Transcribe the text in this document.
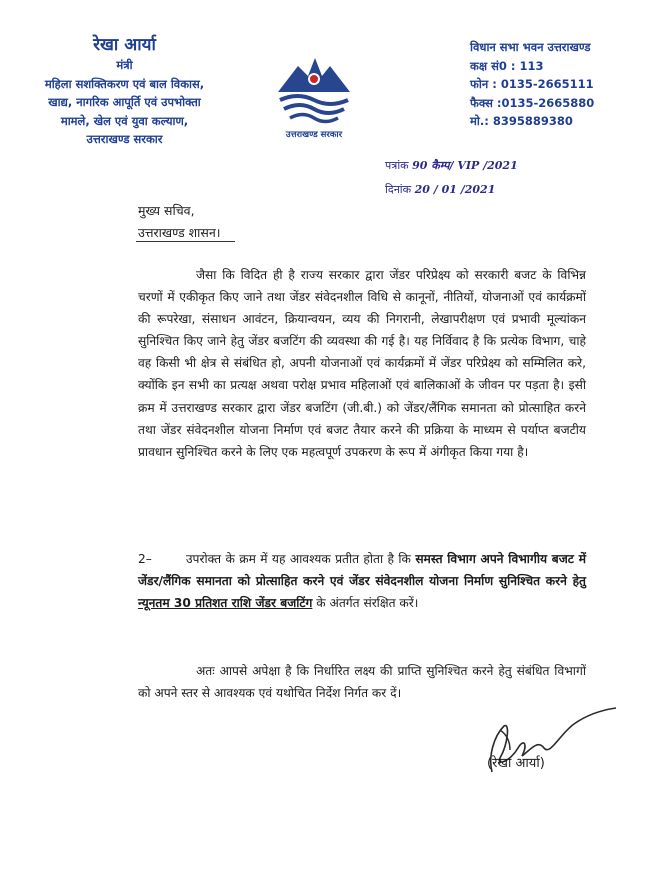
रेखा आर्या
मंत्री
महिला सशक्तिकरण एवं बाल विकास,
खाद्य, नागरिक आपूर्ति एवं उपभोक्ता
मामले, खेल एवं युवा कल्याण,
उत्तराखण्ड सरकार	उत्तराखण्ड सरकार
विधान सभा भवन उत्तराखण्ड
कक्ष सं0 : 113
फोन : 0135-2665111
फैक्स :0135-2665880
मो.: 8395889380
पत्रांक 90 कैम्प/ VIP /2021
दिनांक 20 / 01 /2021
मुख्य सचिव,
उत्तराखण्ड शासन।

जैसा कि विदित ही है राज्य सरकार द्वारा जेंडर परिप्रेक्ष्य को सरकारी बजट के विभिन्न चरणों में एकीकृत किए जाने तथा जेंडर संवेदनशील विधि से कानूनों, नीतियों, योजनाओं एवं कार्यक्रमों की रूपरेखा, संसाधन आवंटन, क्रियान्वयन, व्यय की निगरानी, लेखापरीक्षण एवं प्रभावी मूल्यांकन सुनिश्चित किए जाने हेतु जेंडर बजटिंग की व्यवस्था की गई है। यह निर्विवाद है कि प्रत्येक विभाग, चाहे वह किसी भी क्षेत्र से संबंधित हो, अपनी योजनाओं एवं कार्यक्रमों में जेंडर परिप्रेक्ष्य को सम्मिलित करे, क्योंकि इन सभी का प्रत्यक्ष अथवा परोक्ष प्रभाव महिलाओं एवं बालिकाओं के जीवन पर पड़ता है। इसी क्रम में उत्तराखण्ड सरकार द्वारा जेंडर बजटिंग (जी.बी.) को जेंडर/लैंगिक समानता को प्रोत्साहित करने तथा जेंडर संवेदनशील योजना निर्माण एवं बजट तैयार करने की प्रक्रिया के माध्यम से पर्याप्त बजटीय प्रावधान सुनिश्चित करने के लिए एक महत्वपूर्ण उपकरण के रूप में अंगीकृत किया गया है।

2–	उपरोक्त के क्रम में यह आवश्यक प्रतीत होता है कि समस्त विभाग अपने विभागीय बजट में जेंडर/लैंगिक समानता को प्रोत्साहित करने एवं जेंडर संवेदनशील योजना निर्माण सुनिश्चित करने हेतु न्यूनतम 30 प्रतिशत राशि जेंडर बजटिंग के अंतर्गत संरक्षित करें।

अतः आपसे अपेक्षा है कि निर्धारित लक्ष्य की प्राप्ति सुनिश्चित करने हेतु संबंधित विभागों को अपने स्तर से आवश्यक एवं यथोचित निर्देश निर्गत कर दें।

(रेखा आर्या)
